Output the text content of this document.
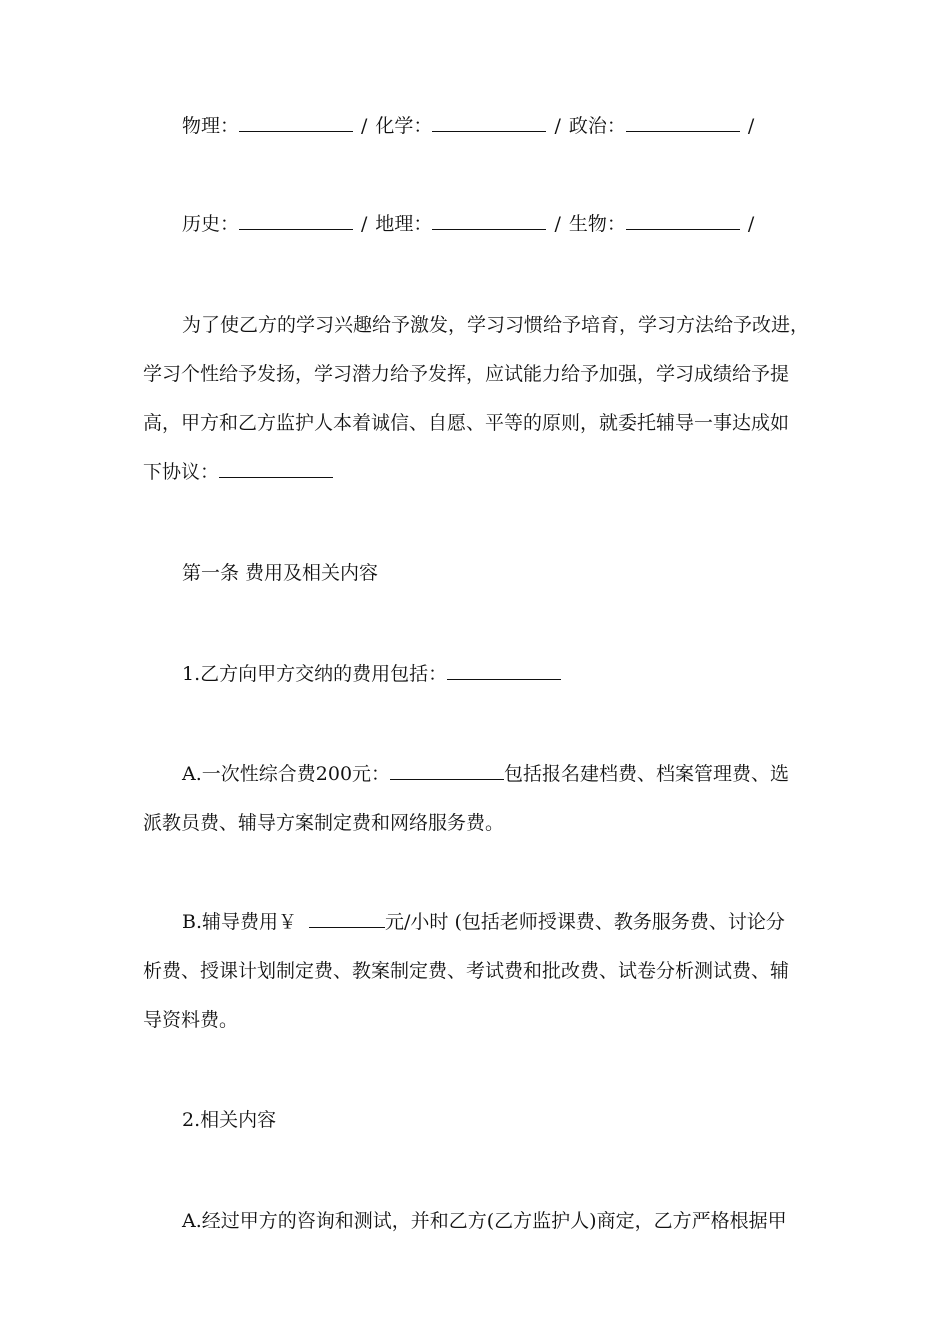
物理：	/ 化学：	/ 政治：	/
历史：	/ 地理：	/ 生物：	/
为了使乙方的学习兴趣给予激发，学习习惯给予培育，学习方法给予改进，
学习个性给予发扬，学习潜力给予发挥，应试能力给予加强，学习成绩给予提
高，甲方和乙方监护人本着诚信、自愿、平等的原则，就委托辅导一事达成如
下协议：
第一条 费用及相关内容
1.乙方向甲方交纳的费用包括：
A.一次性综合费200元：	包括报名建档费、档案管理费、选
派教员费、辅导方案制定费和网络服务费。
B.辅导费用￥	元/小时 (包括老师授课费、教务服务费、讨论分
析费、授课计划制定费、教案制定费、考试费和批改费、试卷分析测试费、辅
导资料费。
2.相关内容
A.经过甲方的咨询和测试，并和乙方(乙方监护人)商定，乙方严格根据甲
